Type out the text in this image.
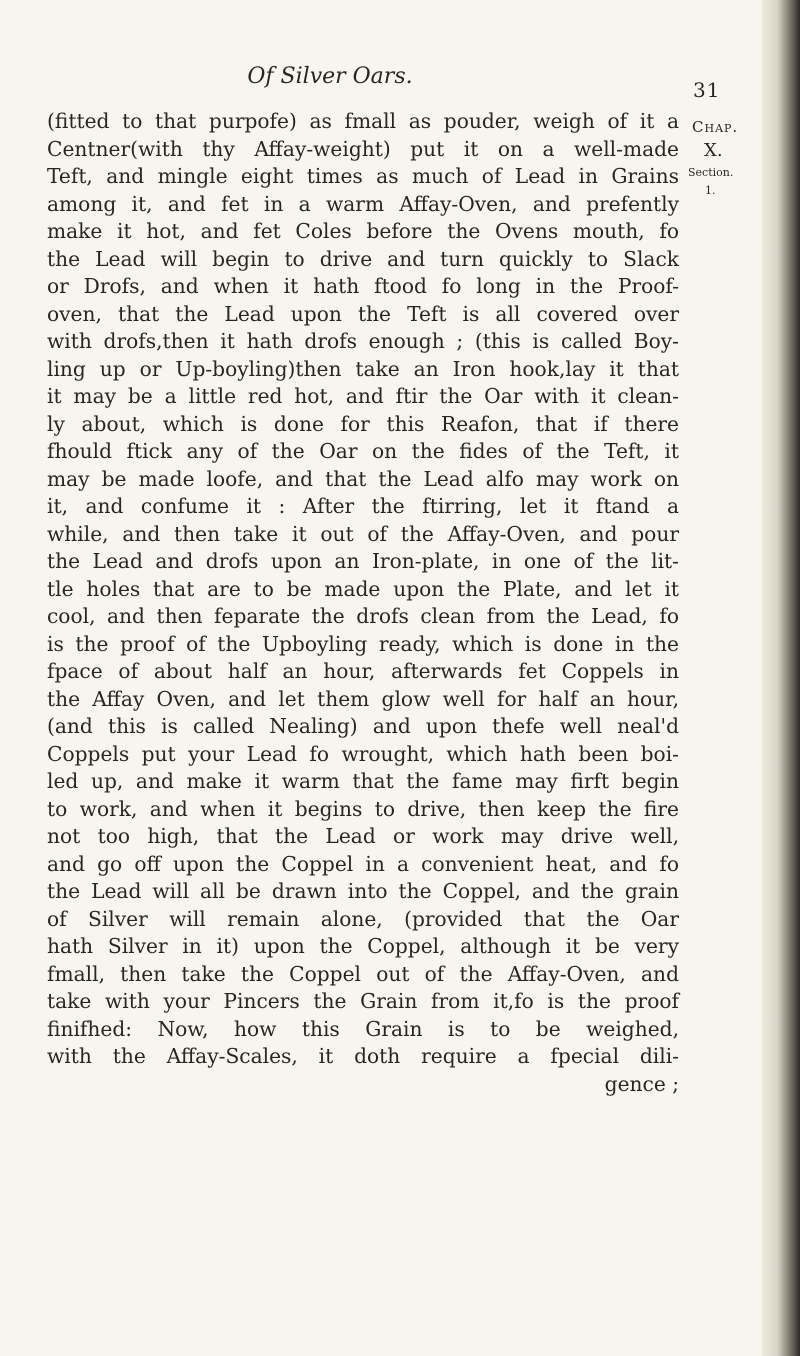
Of Silver Oars.
31
Chap.
X.
Section.
1.
(fitted to that purpofe) as fmall as pouder, weigh of it a
Centner(with thy Affay-weight) put it on a well-made
Teft, and mingle eight times as much of Lead in Grains
among it, and fet in a warm Affay-Oven, and prefently
make it hot, and fet Coles before the Ovens mouth, fo
the Lead will begin to drive and turn quickly to Slack
or Drofs, and when it hath ftood fo long in the Proof-
oven, that the Lead upon the Teft is all covered over
with drofs,then it hath drofs enough ; (this is called Boy-
ling up or Up-boyling)then take an Iron hook,lay it that
it may be a little red hot, and ftir the Oar with it clean-
ly about, which is done for this Reafon, that if there
fhould ftick any of the Oar on the fides of the Teft, it
may be made loofe, and that the Lead alfo may work on
it, and confume it : After the ftirring, let it ftand a
while, and then take it out of the Affay-Oven, and pour
the Lead and drofs upon an Iron-plate, in one of the lit-
tle holes that are to be made upon the Plate, and let it
cool, and then feparate the drofs clean from the Lead, fo
is the proof of the Upboyling ready, which is done in the
fpace of about half an hour, afterwards fet Coppels in
the Affay Oven, and let them glow well for half an hour,
(and this is called Nealing) and upon thefe well neal'd
Coppels put your Lead fo wrought, which hath been boi-
led up, and make it warm that the fame may firft begin
to work, and when it begins to drive, then keep the fire
not too high, that the Lead or work may drive well,
and go off upon the Coppel in a convenient heat, and fo
the Lead will all be drawn into the Coppel, and the grain
of Silver will remain alone, (provided that the Oar
hath Silver in it) upon the Coppel, although it be very
fmall, then take the Coppel out of the Affay-Oven, and
take with your Pincers the Grain from it,fo is the proof
finifhed: Now, how this Grain is to be weighed,
with the Affay-Scales, it doth require a fpecial dili-
gence ;
